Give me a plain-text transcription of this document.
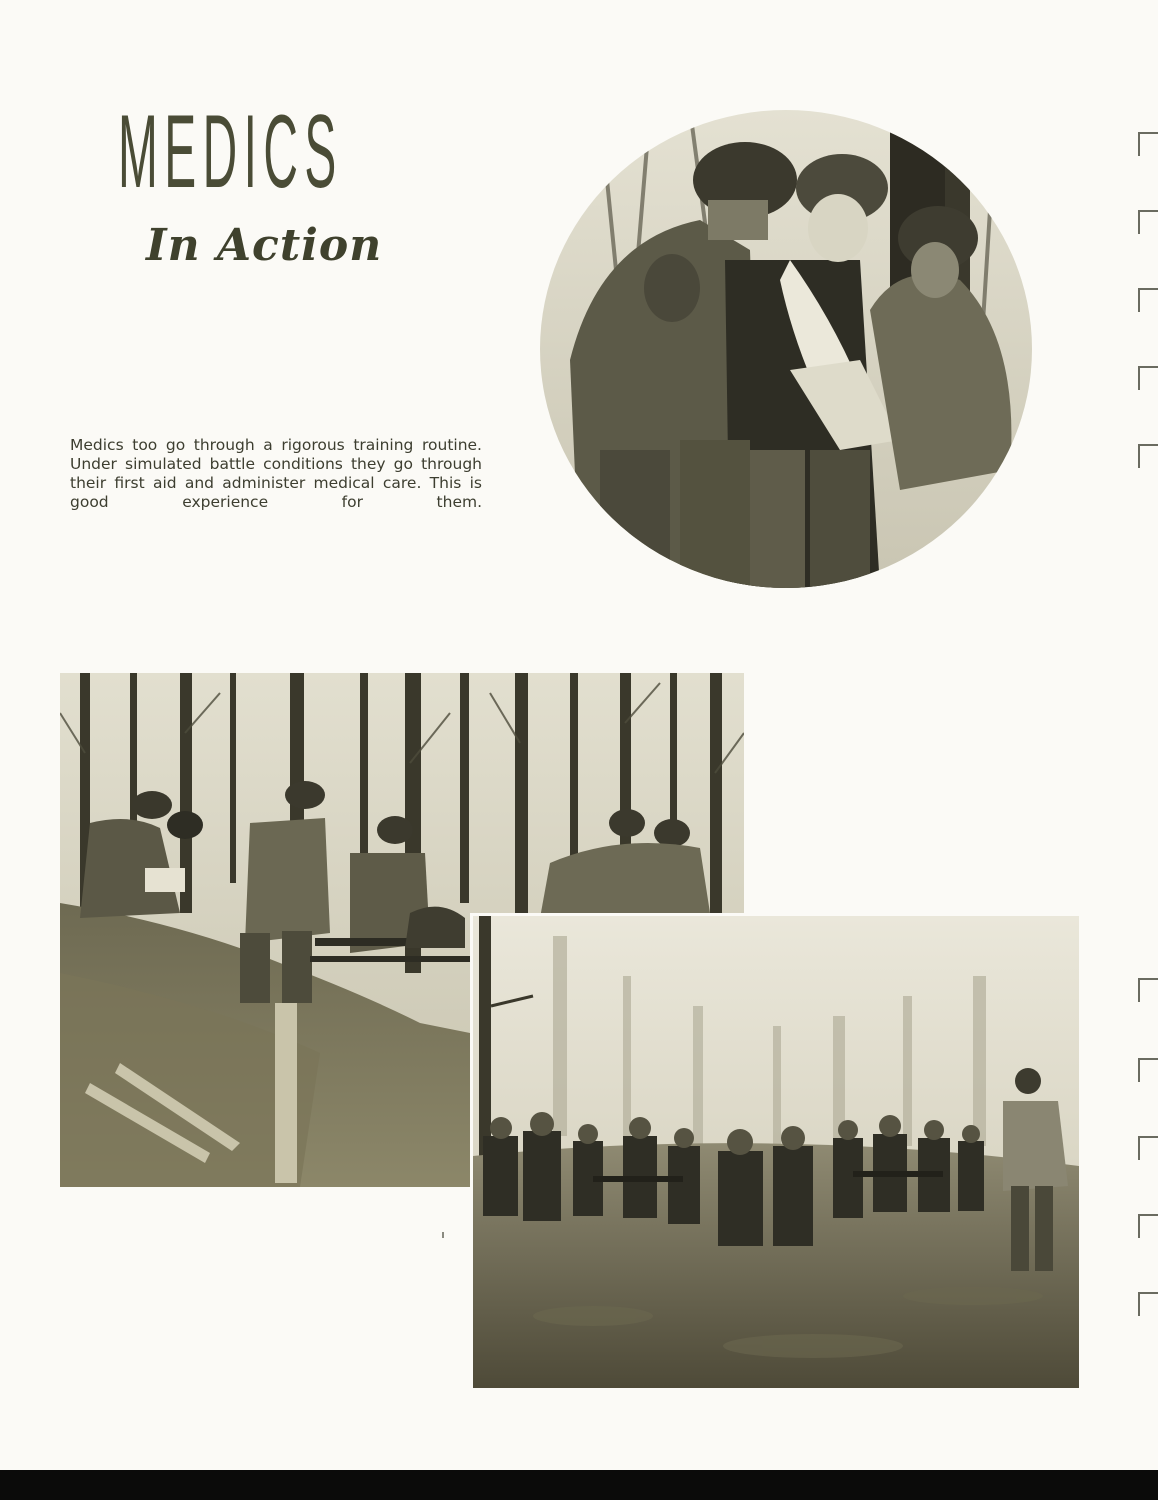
MEDICS
In Action

Medics too go through a rigorous training routine. Under simulated battle conditions they go through their first aid and administer medical care. This is good experience for them.
